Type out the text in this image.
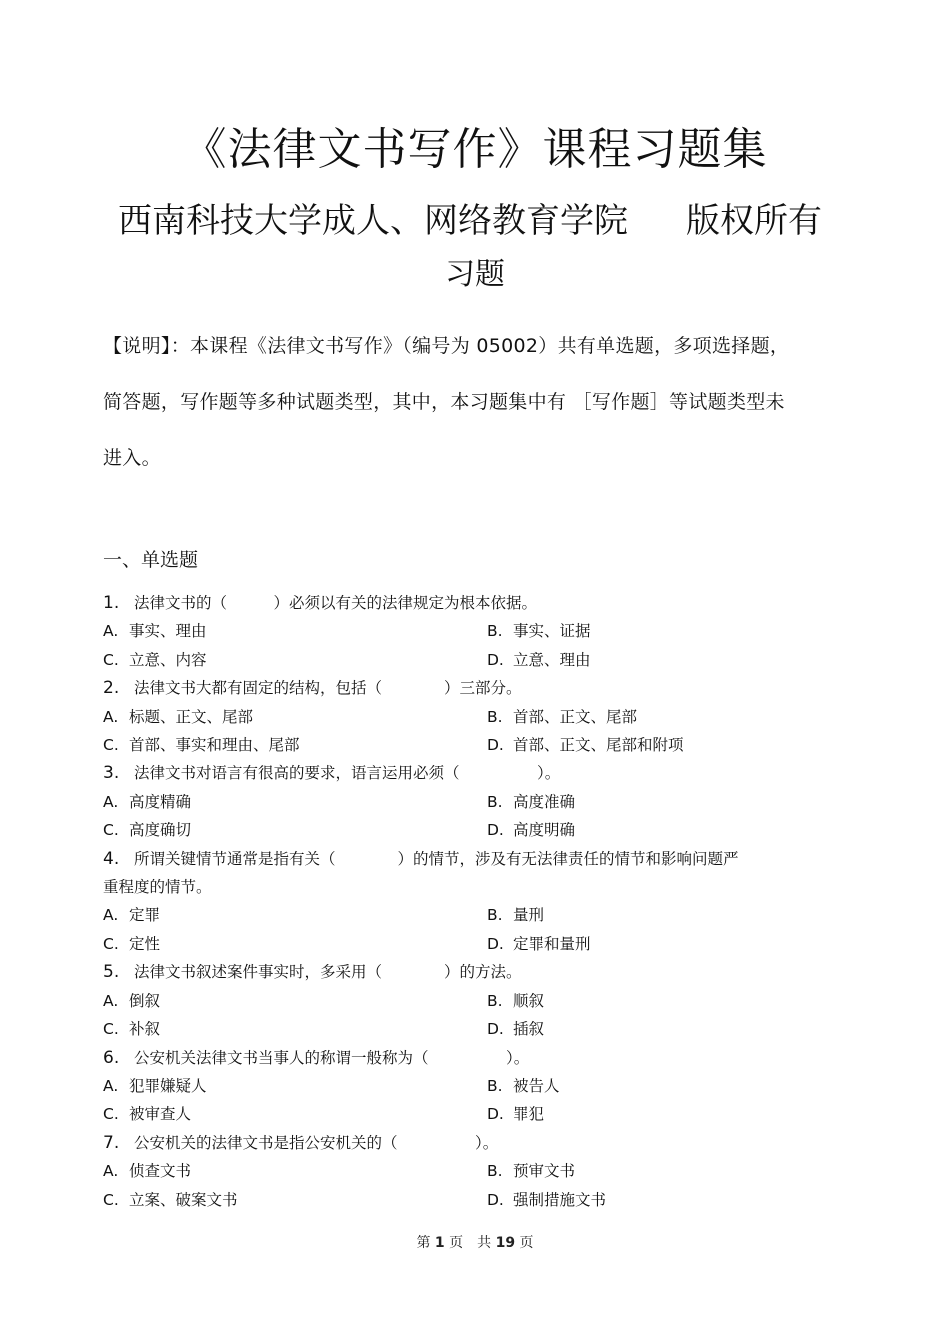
《法律文书写作》课程习题集
西南科技大学成人、网络教育学院 版权所有
习题

【说明】：本课程《法律文书写作》（编号为 05002）共有单选题，多项选择题，

简答题，写作题等多种试题类型，其中，本习题集中有 ［写作题］等试题类型未

进入。

一、单选题
1. 法律文书的（　　　）必须以有关的法律规定为根本依据。
A. 事实、理由	B. 事实、证据
C. 立意、内容	D. 立意、理由
2. 法律文书大都有固定的结构，包括（　　　　）三部分。
A. 标题、正文、尾部	B. 首部、正文、尾部
C. 首部、事实和理由、尾部	D. 首部、正文、尾部和附项
3. 法律文书对语言有很高的要求，语言运用必须（　　　　　）。
A. 高度精确	B. 高度准确
C. 高度确切	D. 高度明确
4. 所谓关键情节通常是指有关（　　　　）的情节，涉及有无法律责任的情节和影响问题严
重程度的情节。
A. 定罪	B. 量刑
C. 定性	D. 定罪和量刑
5. 法律文书叙述案件事实时，多采用（　　　　）的方法。
A. 倒叙	B. 顺叙
C. 补叙	D. 插叙
6. 公安机关法律文书当事人的称谓一般称为（　　　　　）。
A. 犯罪嫌疑人	B. 被告人
C. 被审查人	D. 罪犯
7. 公安机关的法律文书是指公安机关的（　　　　　）。
A. 侦查文书	B. 预审文书
C. 立案、破案文书	D. 强制措施文书
第 1 页　共 19 页
